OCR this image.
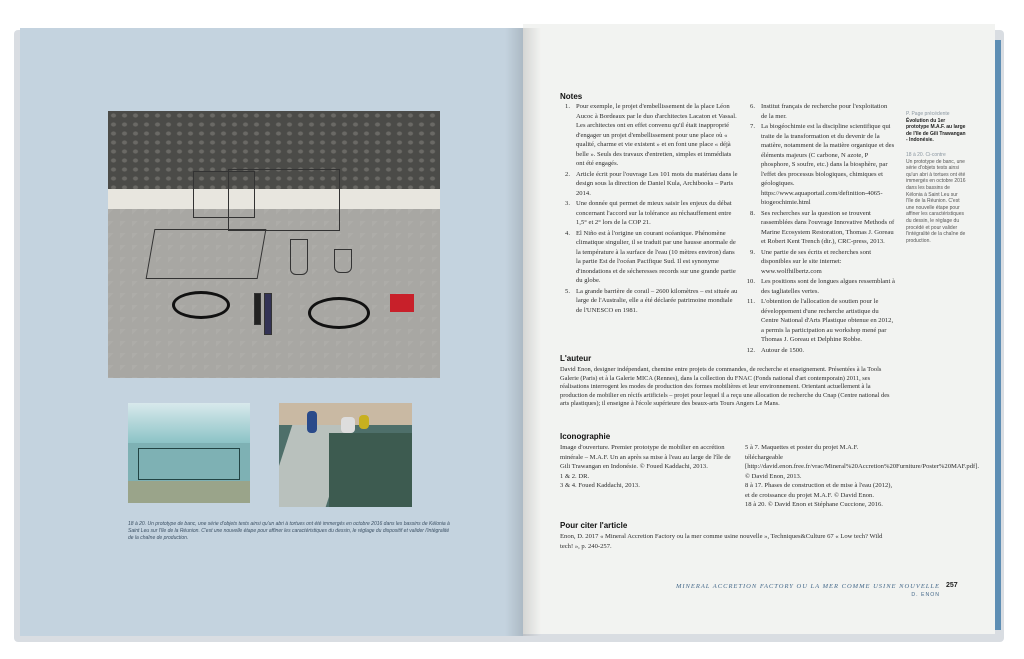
18 à 20. Un prototype de banc, une série d'objets tests ainsi qu'un abri à tortues ont été immergés en octobre 2016 dans les bassins de Kélonia à Saint Leu sur l'île de la Réunion. C'est une nouvelle étape pour affiner les caractéristiques du dessin, le réglage du dispositif et valider l'intégralité de la chaîne de production.
Notes
1. Pour exemple, le projet d'embellissement de la place Léon Aucoc à Bordeaux par le duo d'architectes Lacaton et Vassal. Les architectes ont en effet convenu qu'il était inapproprié d'engager un projet d'embellissement pour une place où « qualité, charme et vie existent » et en font une place « déjà belle ». Seuls des travaux d'entretien, simples et immédiats ont été engagés.
2. Article écrit pour l'ouvrage Les 101 mots du matériau dans le design sous la direction de Daniel Kula, Archibooks – Paris 2014.
3. Une donnée qui permet de mieux saisir les enjeux du débat concernant l'accord sur la tolérance au réchauffement entre 1,5° et 2° lors de la COP 21.
4. El Niño est à l'origine un courant océanique. Phénomène climatique singulier, il se traduit par une hausse anormale de la température à la surface de l'eau (10 mètres environ) dans la partie Est de l'océan Pacifique Sud. Il est synonyme d'inondations et de sécheresses records sur une grande partie du globe.
5. La grande barrière de corail – 2600 kilomètres – est située au large de l'Australie, elle a été déclarée patrimoine mondiale de l'UNESCO en 1981.
6. Institut français de recherche pour l'exploitation de la mer.
7. La biogéochimie est la discipline scientifique qui traite de la transformation et du devenir de la matière, notamment de la matière organique et des éléments majeurs (C carbone, N azote, P phosphore, S soufre, etc.) dans la biosphère, par l'effet des processus biologiques, chimiques et géologiques. https://www.aquaportail.com/definition-4065-biogeochimie.html
8. Ses recherches sur la question se trouvent rassemblées dans l'ouvrage Innovative Methods of Marine Ecosystem Restoration, Thomas J. Goreau et Robert Kent Trench (dir.), CRC-press, 2013.
9. Une partie de ses écrits et recherches sont disponibles sur le site internet: www.wolfhilbertz.com
10. Les positions sont de longues algues ressemblant à des tagliatelles vertes.
11. L'obtention de l'allocation de soutien pour le développement d'une recherche artistique du Centre National d'Arts Plastique obtenue en 2012, a permis la participation au workshop mené par Thomas J. Goreau et Delphine Robbe.
12. Autour de 1500.
P. Page précédente
Évolution du 1er prototype M.A.F. au large de l'île de Gili Trawangan - Indonésie.
18 à 20. Ci-contre
Un prototype de banc, une série d'objets tests ainsi qu'un abri à tortues ont été immergés en octobre 2016 dans les bassins de Kélonia à Saint Leu sur l'île de la Réunion. C'est une nouvelle étape pour affiner les caractéristiques du dessin, le réglage du procédé et pour valider l'intégralité de la chaîne de production.
L'auteur
David Enon, designer indépendant, chemine entre projets de commandes, de recherche et enseignement. Présentées à la Tools Galerie (Paris) et à la Galerie MICA (Rennes), dans la collection du FNAC (Fonds national d'art contemporain) 2011, ses réalisations interrogent les modes de production des formes mobilières et leur environnement. Orientant actuellement à la production de mobilier en récifs artificiels – projet pour lequel il a reçu une allocation de recherche du Cnap (Centre national des arts plastiques); il enseigne à l'école supérieure des beaux-arts Tours Angers Le Mans.
Iconographie
Image d'ouverture. Premier prototype de mobilier en accrétion minérale – M.A.F. Un an après sa mise à l'eau au large de l'île de Gili Trawangan en Indonésie. © Foued Kaddachi, 2013.
1 & 2. DR.
3 & 4. Foued Kaddachi, 2013.
5 à 7. Maquettes et poster du projet M.A.F. téléchargeable [http://david.enon.free.fr/vrac/Mineral%20Accretion%20Furniture/Poster%20MAF.pdf]. © David Enon, 2013.
8 à 17. Phases de construction et de mise à l'eau (2012), et de croissance du projet M.A.F. © David Enon.
18 à 20. © David Enon et Stéphane Cuccione, 2016.
Pour citer l'article
Enon, D. 2017 « Mineral Accretion Factory ou la mer comme usine nouvelle », Techniques&Culture 67 « Low tech? Wild tech! », p. 240-257.
MINERAL ACCRETION FACTORY OU LA MER COMME USINE NOUVELLE
D. ENON
257
